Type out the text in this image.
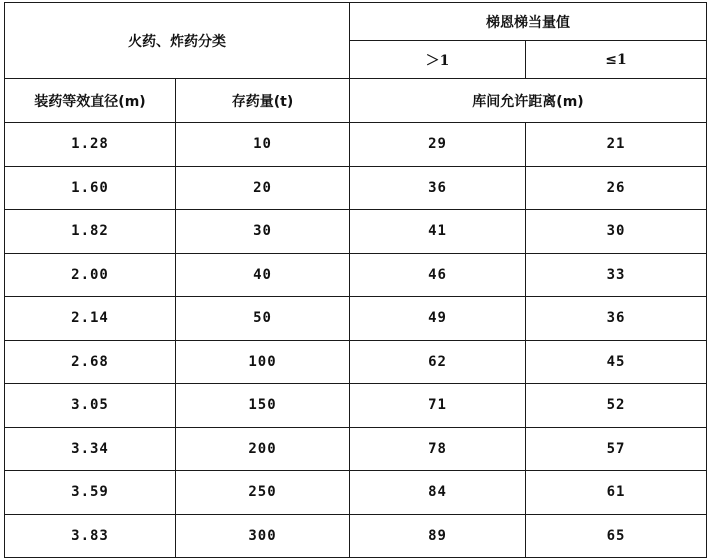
火药、炸药分类		梯恩梯当量值	
		＞1	≤1
装药等效直径(m)	存药量(t)	库间允许距离(m)	
1.28	10	29	21
1.60	20	36	26
1.82	30	41	30
2.00	40	46	33
2.14	50	49	36
2.68	100	62	45
3.05	150	71	52
3.34	200	78	57
3.59	250	84	61
3.83	300	89	65
